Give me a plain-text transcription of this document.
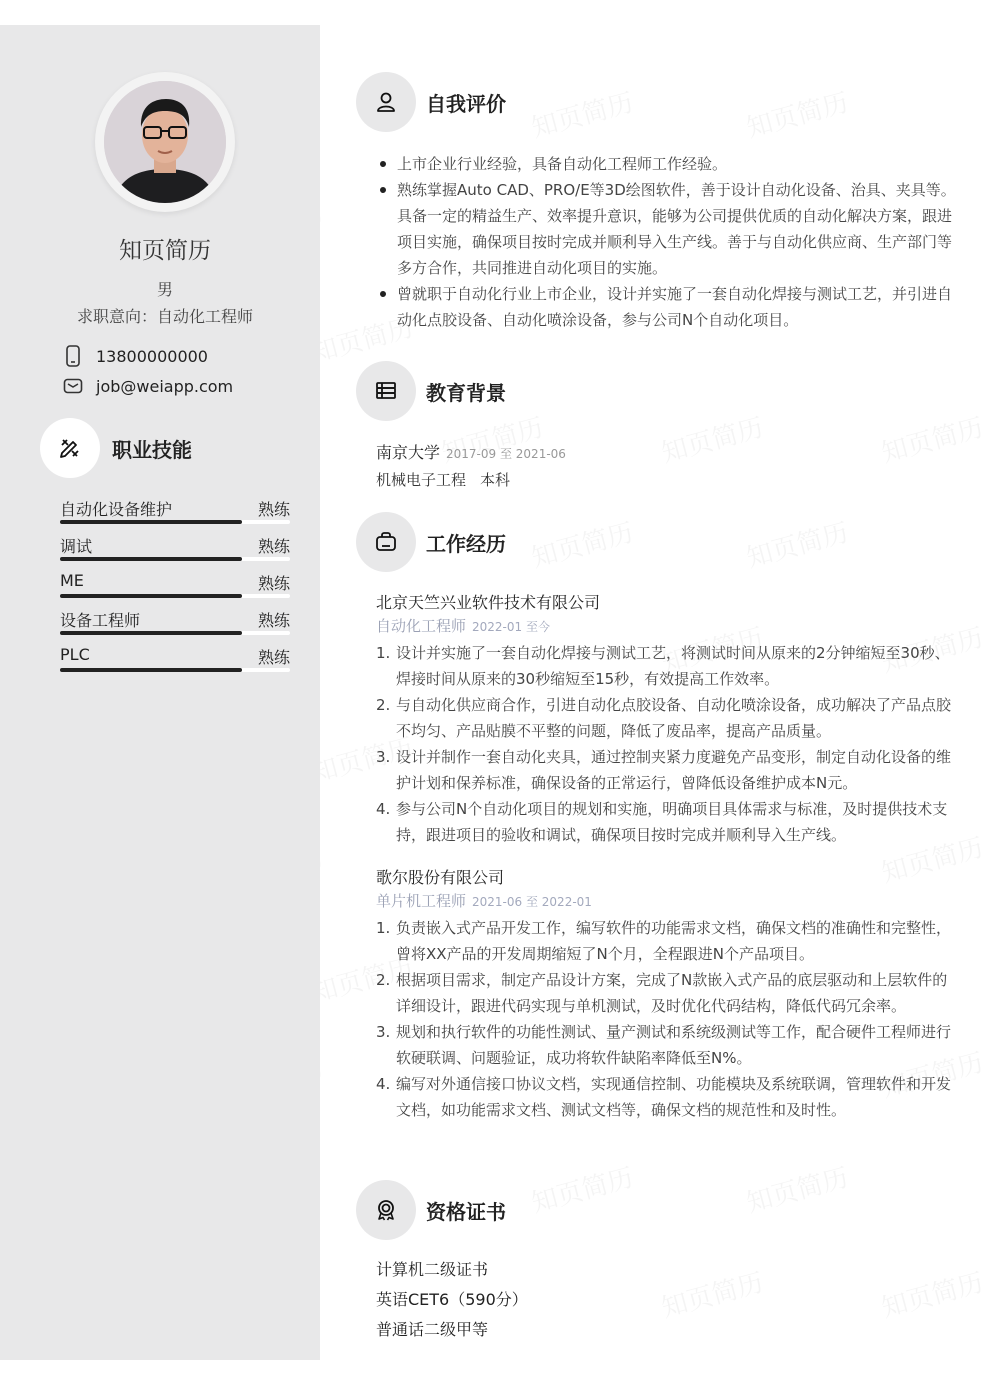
知页简历
男
求职意向：自动化工程师
13800000000
job@weiapp.com
职业技能
自动化设备维护	熟练
调试	熟练
ME	熟练
设备工程师	熟练
PLC	熟练
自我评价
上市企业行业经验，具备自动化工程师工作经验。
熟练掌握Auto CAD、PRO/E等3D绘图软件，善于设计自动化设备、治具、夹具等。具备一定的精益生产、效率提升意识，能够为公司提供优质的自动化解决方案，跟进项目实施，确保项目按时完成并顺利导入生产线。善于与自动化供应商、生产部门等多方合作，共同推进自动化项目的实施。
曾就职于自动化行业上市企业，设计并实施了一套自动化焊接与测试工艺，并引进自动化点胶设备、自动化喷涂设备，参与公司N个自动化项目。
教育背景
南京大学 2017-09 至 2021-06
机械电子工程 本科
工作经历
北京天竺兴业软件技术有限公司
自动化工程师 2022-01 至今
1. 设计并实施了一套自动化焊接与测试工艺，将测试时间从原来的2分钟缩短至30秒、焊接时间从原来的30秒缩短至15秒，有效提高工作效率。
2. 与自动化供应商合作，引进自动化点胶设备、自动化喷涂设备，成功解决了产品点胶不均匀、产品贴膜不平整的问题，降低了废品率，提高产品质量。
3. 设计并制作一套自动化夹具，通过控制夹紧力度避免产品变形，制定自动化设备的维护计划和保养标准，确保设备的正常运行，曾降低设备维护成本N元。
4. 参与公司N个自动化项目的规划和实施，明确项目具体需求与标准，及时提供技术支持，跟进项目的验收和调试，确保项目按时完成并顺利导入生产线。
歌尔股份有限公司
单片机工程师 2021-06 至 2022-01
1. 负责嵌入式产品开发工作，编写软件的功能需求文档，确保文档的准确性和完整性，曾将XX产品的开发周期缩短了N个月，全程跟进N个产品项目。
2. 根据项目需求，制定产品设计方案，完成了N款嵌入式产品的底层驱动和上层软件的详细设计，跟进代码实现与单机测试，及时优化代码结构，降低代码冗余率。
3. 规划和执行软件的功能性测试、量产测试和系统级测试等工作，配合硬件工程师进行软硬联调、问题验证，成功将软件缺陷率降低至N%。
4. 编写对外通信接口协议文档，实现通信控制、功能模块及系统联调，管理软件和开发文档，如功能需求文档、测试文档等，确保文档的规范性和及时性。
资格证书
计算机二级证书
英语CET6（590分）
普通话二级甲等
